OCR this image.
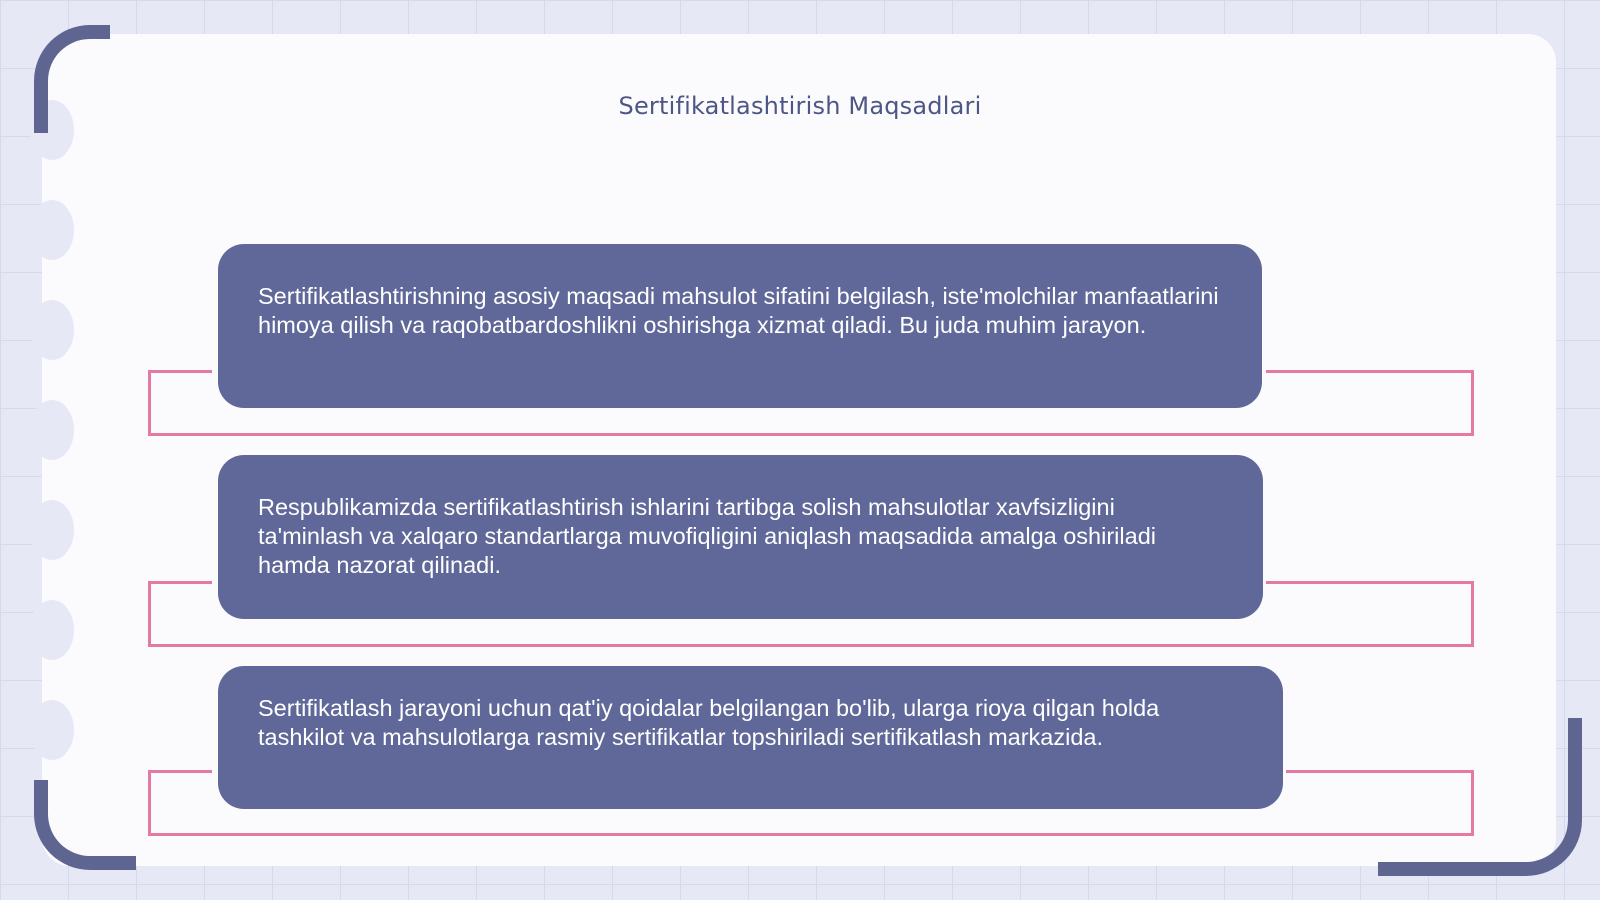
Sertifikatlashtirish Maqsadlari
Sertifikatlashtirishning asosiy maqsadi mahsulot sifatini belgilash, iste'molchilar manfaatlarini himoya qilish va raqobatbardoshlikni oshirishga xizmat qiladi. Bu juda muhim jarayon.
Respublikamizda sertifikatlashtirish ishlarini tartibga solish mahsulotlar xavfsizligini ta'minlash va xalqaro standartlarga muvofiqligini aniqlash maqsadida amalga oshiriladi hamda nazorat qilinadi.
Sertifikatlash jarayoni uchun qat'iy qoidalar belgilangan bo'lib, ularga rioya qilgan holda tashkilot va mahsulotlarga rasmiy sertifikatlar topshiriladi sertifikatlash markazida.
